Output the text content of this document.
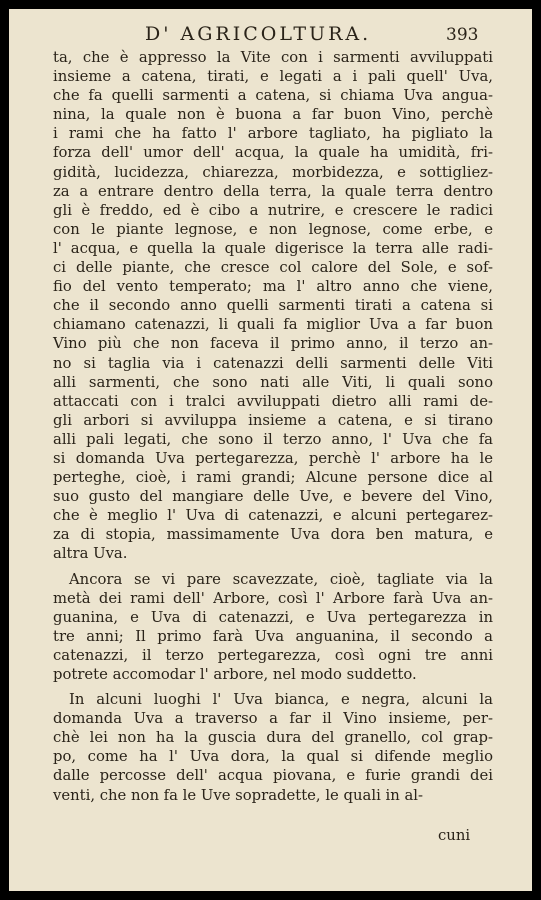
D' AGRICOLTURA.	393
ta, che è appresso la Vite con i sarmenti avviluppati
insieme a catena, tirati, e legati a i pali quell' Uva,
che fa quelli sarmenti a catena, si chiama Uva angua-
nina, la quale non è buona a far buon Vino, perchè
i rami che ha fatto l' arbore tagliato, ha pigliato la
forza dell' umor dell' acqua, la quale ha umidità, fri-
gidità, lucidezza, chiarezza, morbidezza, e sottigliez-
za a entrare dentro della terra, la quale terra dentro
gli è freddo, ed è cibo a nutrire, e crescere le radici
con le piante legnose, e non legnose, come erbe, e
l' acqua, e quella la quale digerisce la terra alle radi-
ci delle piante, che cresce col calore del Sole, e sof-
fio del vento temperato; ma l' altro anno che viene,
che il secondo anno quelli sarmenti tirati a catena si
chiamano catenazzi, li quali fa miglior Uva a far buon
Vino più che non faceva il primo anno, il terzo an-
no si taglia via i catenazzi delli sarmenti delle Viti
alli sarmenti, che sono nati alle Viti, li quali sono
attaccati con i tralci avviluppati dietro alli rami de-
gli arbori si avviluppa insieme a catena, e si tirano
alli pali legati, che sono il terzo anno, l' Uva che fa
si domanda Uva pertegarezza, perchè l' arbore ha le
perteghe, cioè, i rami grandi; Alcune persone dice al
suo gusto del mangiare delle Uve, e bevere del Vino,
che è meglio l' Uva di catenazzi, e alcuni pertegarez-
za di stopia, massimamente Uva dora ben matura, e
altra Uva.
Ancora se vi pare scavezzate, cioè, tagliate via la
metà dei rami dell' Arbore, così l' Arbore farà Uva an-
guanina, e Uva di catenazzi, e Uva pertegarezza in
tre anni; Il primo farà Uva anguanina, il secondo a
catenazzi, il terzo pertegarezza, così ogni tre anni
potrete accomodar l' arbore, nel modo suddetto.
In alcuni luoghi l' Uva bianca, e negra, alcuni la
domanda Uva a traverso a far il Vino insieme, per-
chè lei non ha la gusc​ia dura del granello, col grap-
po, come ha l' Uva dora, la qual si difende meglio
dalle percosse dell' acqua piovana, e furie grandi dei
venti, che non fa le Uve sopradette, le quali in al-
cuni
